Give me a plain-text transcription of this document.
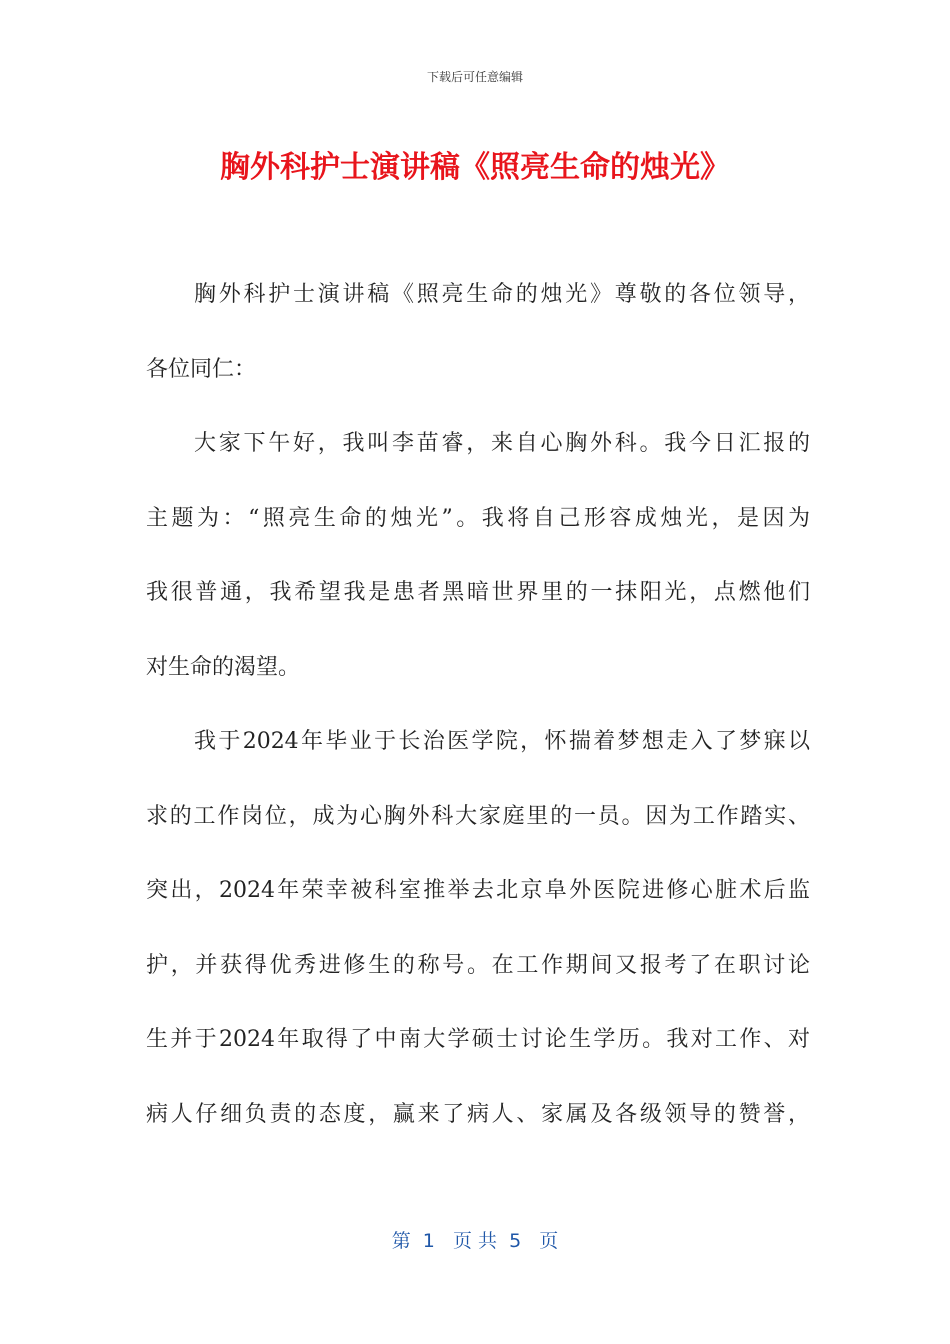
下载后可任意编辑
胸外科护士演讲稿《照亮生命的烛光》
胸外科护士演讲稿《照亮生命的烛光》尊敬的各位领导，
各位同仁：
大家下午好，我叫李苗睿，来自心胸外科。我今日汇报的
主题为：“照亮生命的烛光”。我将自己形容成烛光，是因为
我很普通，我希望我是患者黑暗世界里的一抹阳光，点燃他们
对生命的渴望。
我于2024年毕业于长治医学院，怀揣着梦想走入了梦寐以
求的工作岗位，成为心胸外科大家庭里的一员。因为工作踏实、
突出，2024年荣幸被科室推举去北京阜外医院进修心脏术后监
护，并获得优秀进修生的称号。在工作期间又报考了在职讨论
生并于2024年取得了中南大学硕士讨论生学历。我对工作、对
病人仔细负责的态度，赢来了病人、家属及各级领导的赞誉，
第  1   页 共  5   页
